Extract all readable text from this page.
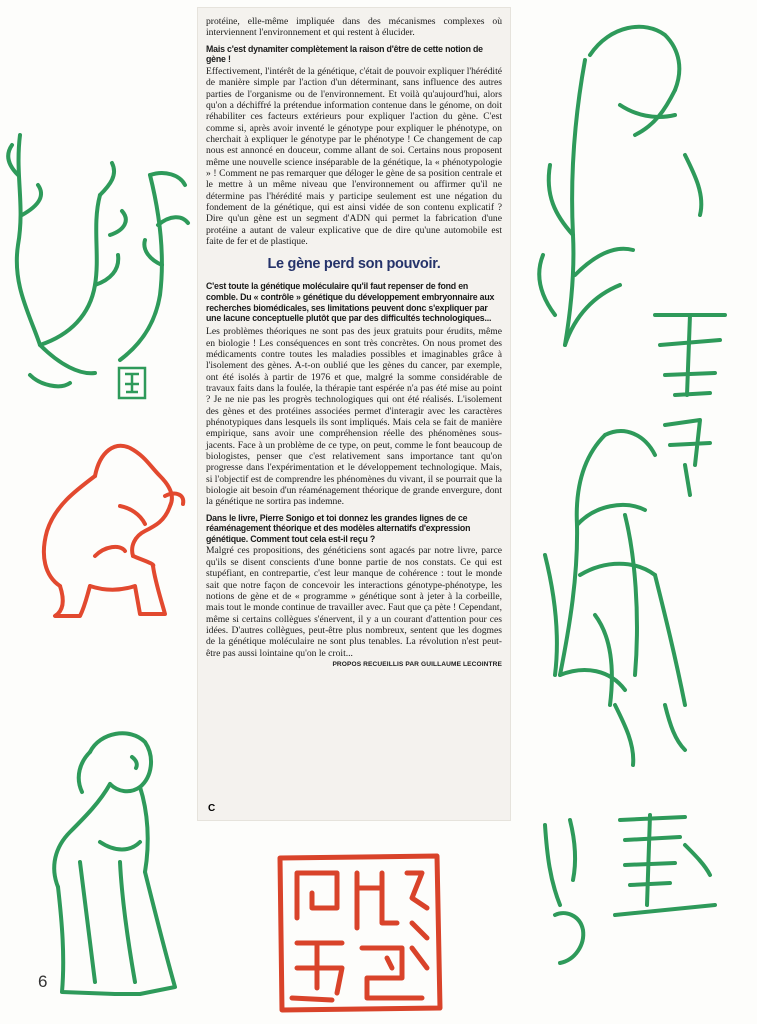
protéine, elle-même impliquée dans des mécanismes complexes où interviennent l'environnement et qui restent à élucider.

Mais c'est dynamiter complètement la raison d'être de cette notion de gène !

Effectivement, l'intérêt de la génétique, c'était de pouvoir expliquer l'hérédité de manière simple par l'action d'un déterminant, sans influence des autres parties de l'organisme ou de l'environnement. Et voilà qu'aujourd'hui, alors qu'on a déchiffré la prétendue information contenue dans le génome, on doit réhabiliter ces facteurs extérieurs pour expliquer l'action du gène. C'est comme si, après avoir inventé le génotype pour expliquer le phénotype, on cherchait à expliquer le génotype par le phénotype ! Ce changement de cap nous est annoncé en douceur, comme allant de soi. Certains nous proposent même une nouvelle science inséparable de la génétique, la « phénotypologie » ! Comment ne pas remarquer que déloger le gène de sa position centrale et le mettre à un même niveau que l'environnement ou affirmer qu'il ne détermine pas l'hérédité mais y participe seulement est une négation du fondement de la génétique, qui est ainsi vidée de son contenu explicatif ? Dire qu'un gène est un segment d'ADN qui permet la fabrication d'une protéine a autant de valeur explicative que de dire qu'une automobile est faite de fer et de plastique.

Le gène perd son pouvoir.

C'est toute la génétique moléculaire qu'il faut repenser de fond en comble. Du « contrôle » génétique du développement embryonnaire aux recherches biomédicales, ses limitations peuvent donc s'expliquer par une lacune conceptuelle plutôt que par des difficultés technologiques...

Les problèmes théoriques ne sont pas des jeux gratuits pour érudits, même en biologie ! Les conséquences en sont très concrètes. On nous promet des médicaments contre toutes les maladies possibles et imaginables grâce à l'isolement des gènes. A-t-on oublié que les gènes du cancer, par exemple, ont été isolés à partir de 1976 et que, malgré la somme considérable de travaux faits dans la foulée, la thérapie tant espérée n'a pas été mise au point ? Je ne nie pas les progrès technologiques qui ont été réalisés. L'isolement des gènes et des protéines associées permet d'interagir avec les caractères phénotypiques dans lesquels ils sont impliqués. Mais cela se fait de manière empirique, sans avoir une compréhension réelle des phénomènes sous-jacents. Face à un problème de ce type, on peut, comme le font beaucoup de biologistes, penser que c'est relativement sans importance tant qu'on progresse dans l'expérimentation et le développement technologique. Mais, si l'objectif est de comprendre les phénomènes du vivant, il se pourrait que la biologie ait besoin d'un réaménagement théorique de grande envergure, dont la génétique ne sortira pas indemne.

Dans le livre, Pierre Sonigo et toi donnez les grandes lignes de ce réaménagement théorique et des modèles alternatifs d'expression génétique. Comment tout cela est-il reçu ?

Malgré ces propositions, des généticiens sont agacés par notre livre, parce qu'ils se disent conscients d'une bonne partie de nos constats. Ce qui est stupéfiant, en contrepartie, c'est leur manque de cohérence : tout le monde sait que notre façon de concevoir les interactions génotype-phénotype, les notions de gène et de « programme » génétique sont à jeter à la corbeille, mais tout le monde continue de travailler avec. Faut que ça pète ! Cependant, même si certains collègues s'énervent, il y a un courant d'attention pour ces idées. D'autres collègues, peut-être plus nombreux, sentent que les dogmes de la génétique moléculaire ne sont plus tenables. La révolution n'est peut-être pas aussi lointaine qu'on le croit...

PROPOS RECUEILLIS PAR GUILLAUME LECOINTRE
C
6
